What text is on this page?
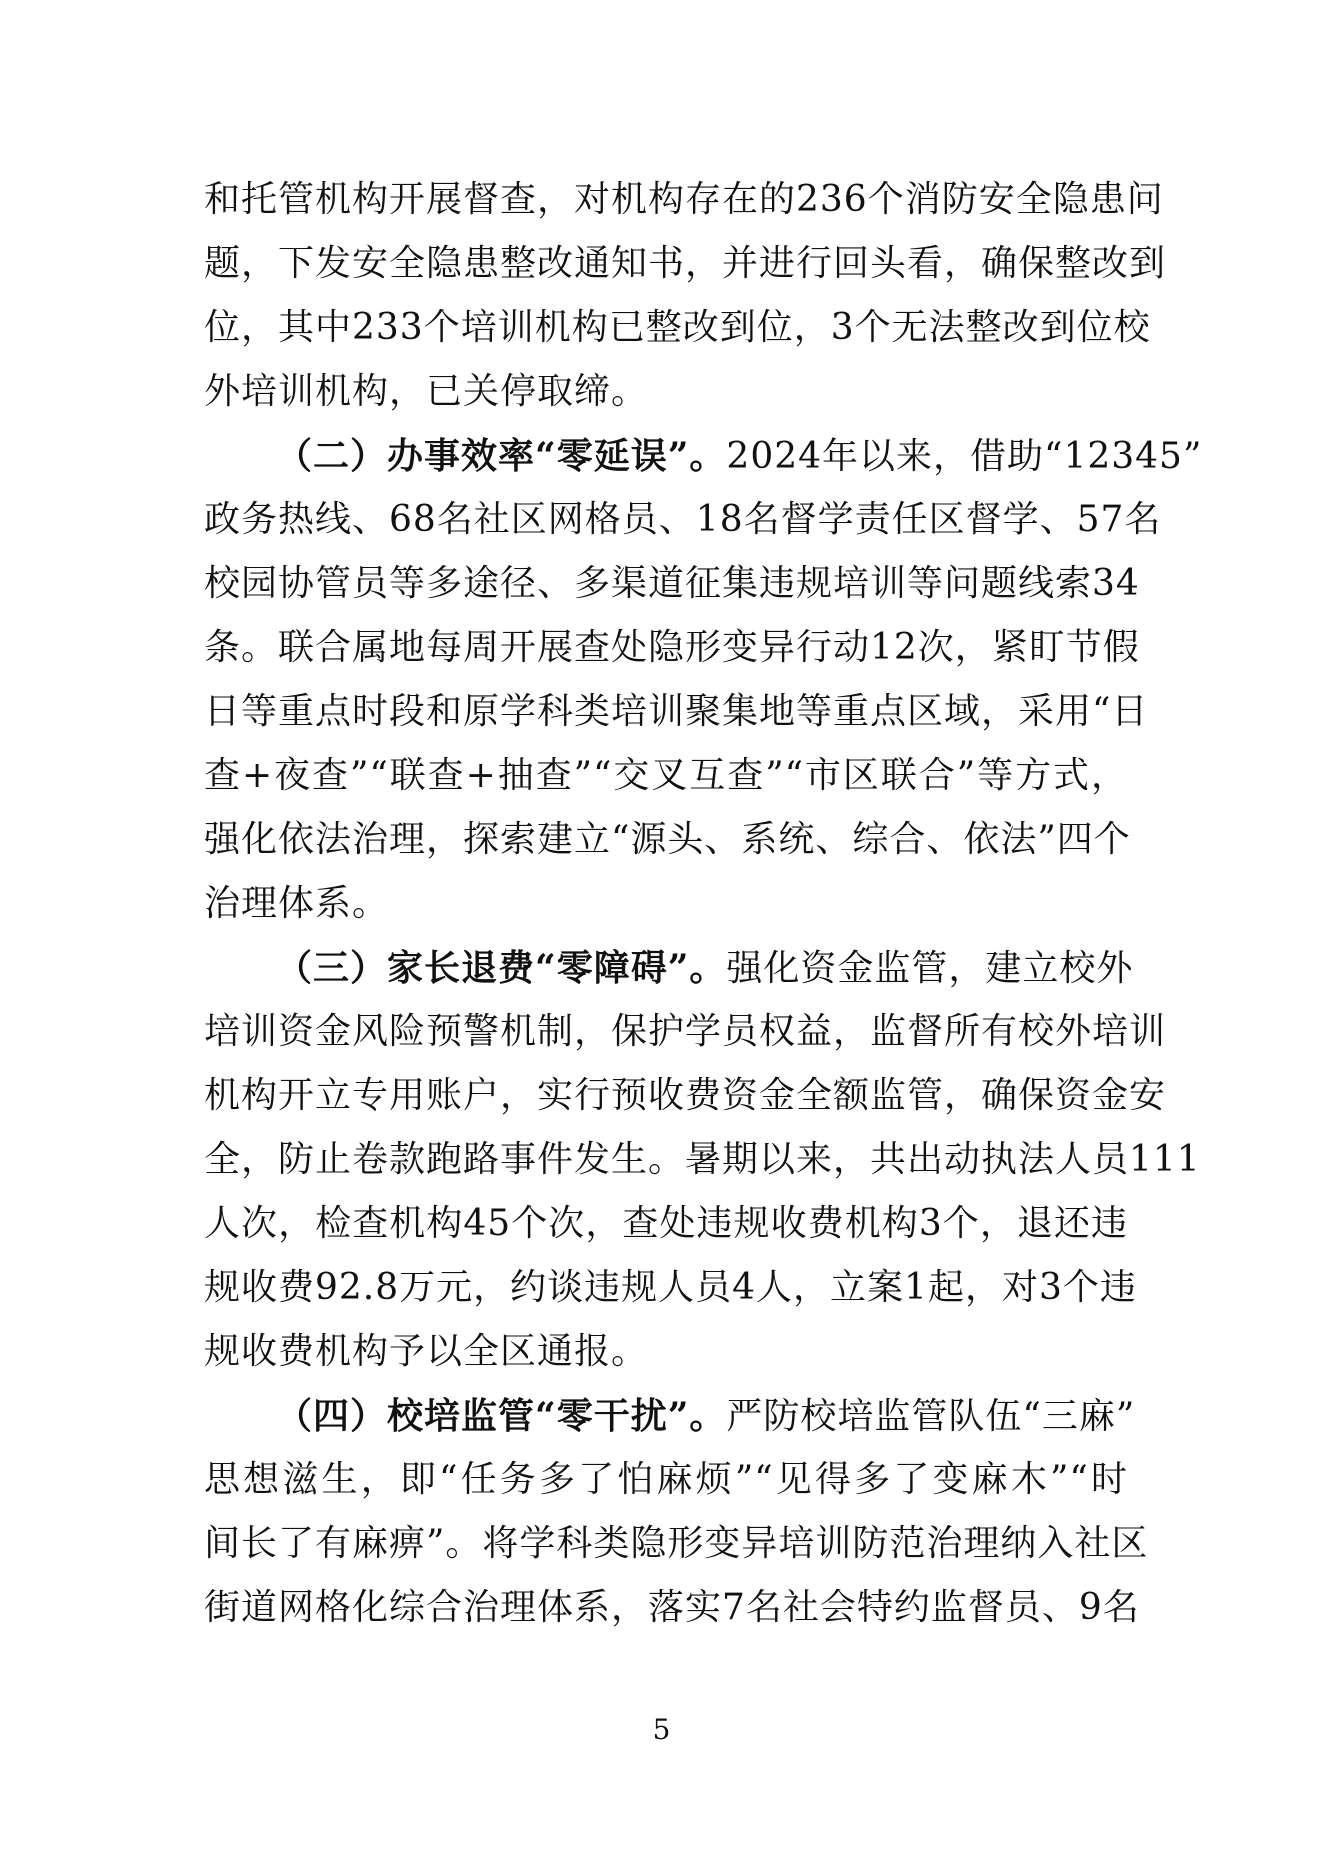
和托管机构开展督查，对机构存在的236个消防安全隐患问
题，下发安全隐患整改通知书，并进行回头看，确保整改到
位，其中233个培训机构已整改到位，3个无法整改到位校
外培训机构，已关停取缔。
（二）办事效率“零延误”。2024年以来，借助“12345”
政务热线、68名社区网格员、18名督学责任区督学、57名
校园协管员等多途径、多渠道征集违规培训等问题线索34
条。联合属地每周开展查处隐形变异行动12次，紧盯节假
日等重点时段和原学科类培训聚集地等重点区域，采用“日
查+夜查”“联查+抽查”“交叉互查”“市区联合”等方式，
强化依法治理，探索建立“源头、系统、综合、依法”四个
治理体系。
（三）家长退费“零障碍”。强化资金监管，建立校外
培训资金风险预警机制，保护学员权益，监督所有校外培训
机构开立专用账户，实行预收费资金全额监管，确保资金安
全，防止卷款跑路事件发生。暑期以来，共出动执法人员111
人次，检查机构45个次，查处违规收费机构3个，退还违
规收费92.8万元，约谈违规人员4人，立案1起，对3个违
规收费机构予以全区通报。
（四）校培监管“零干扰”。严防校培监管队伍“三麻”
思想滋生，即“任务多了怕麻烦”“见得多了变麻木”“时
间长了有麻痹”。将学科类隐形变异培训防范治理纳入社区
街道网格化综合治理体系，落实7名社会特约监督员、9名
5
